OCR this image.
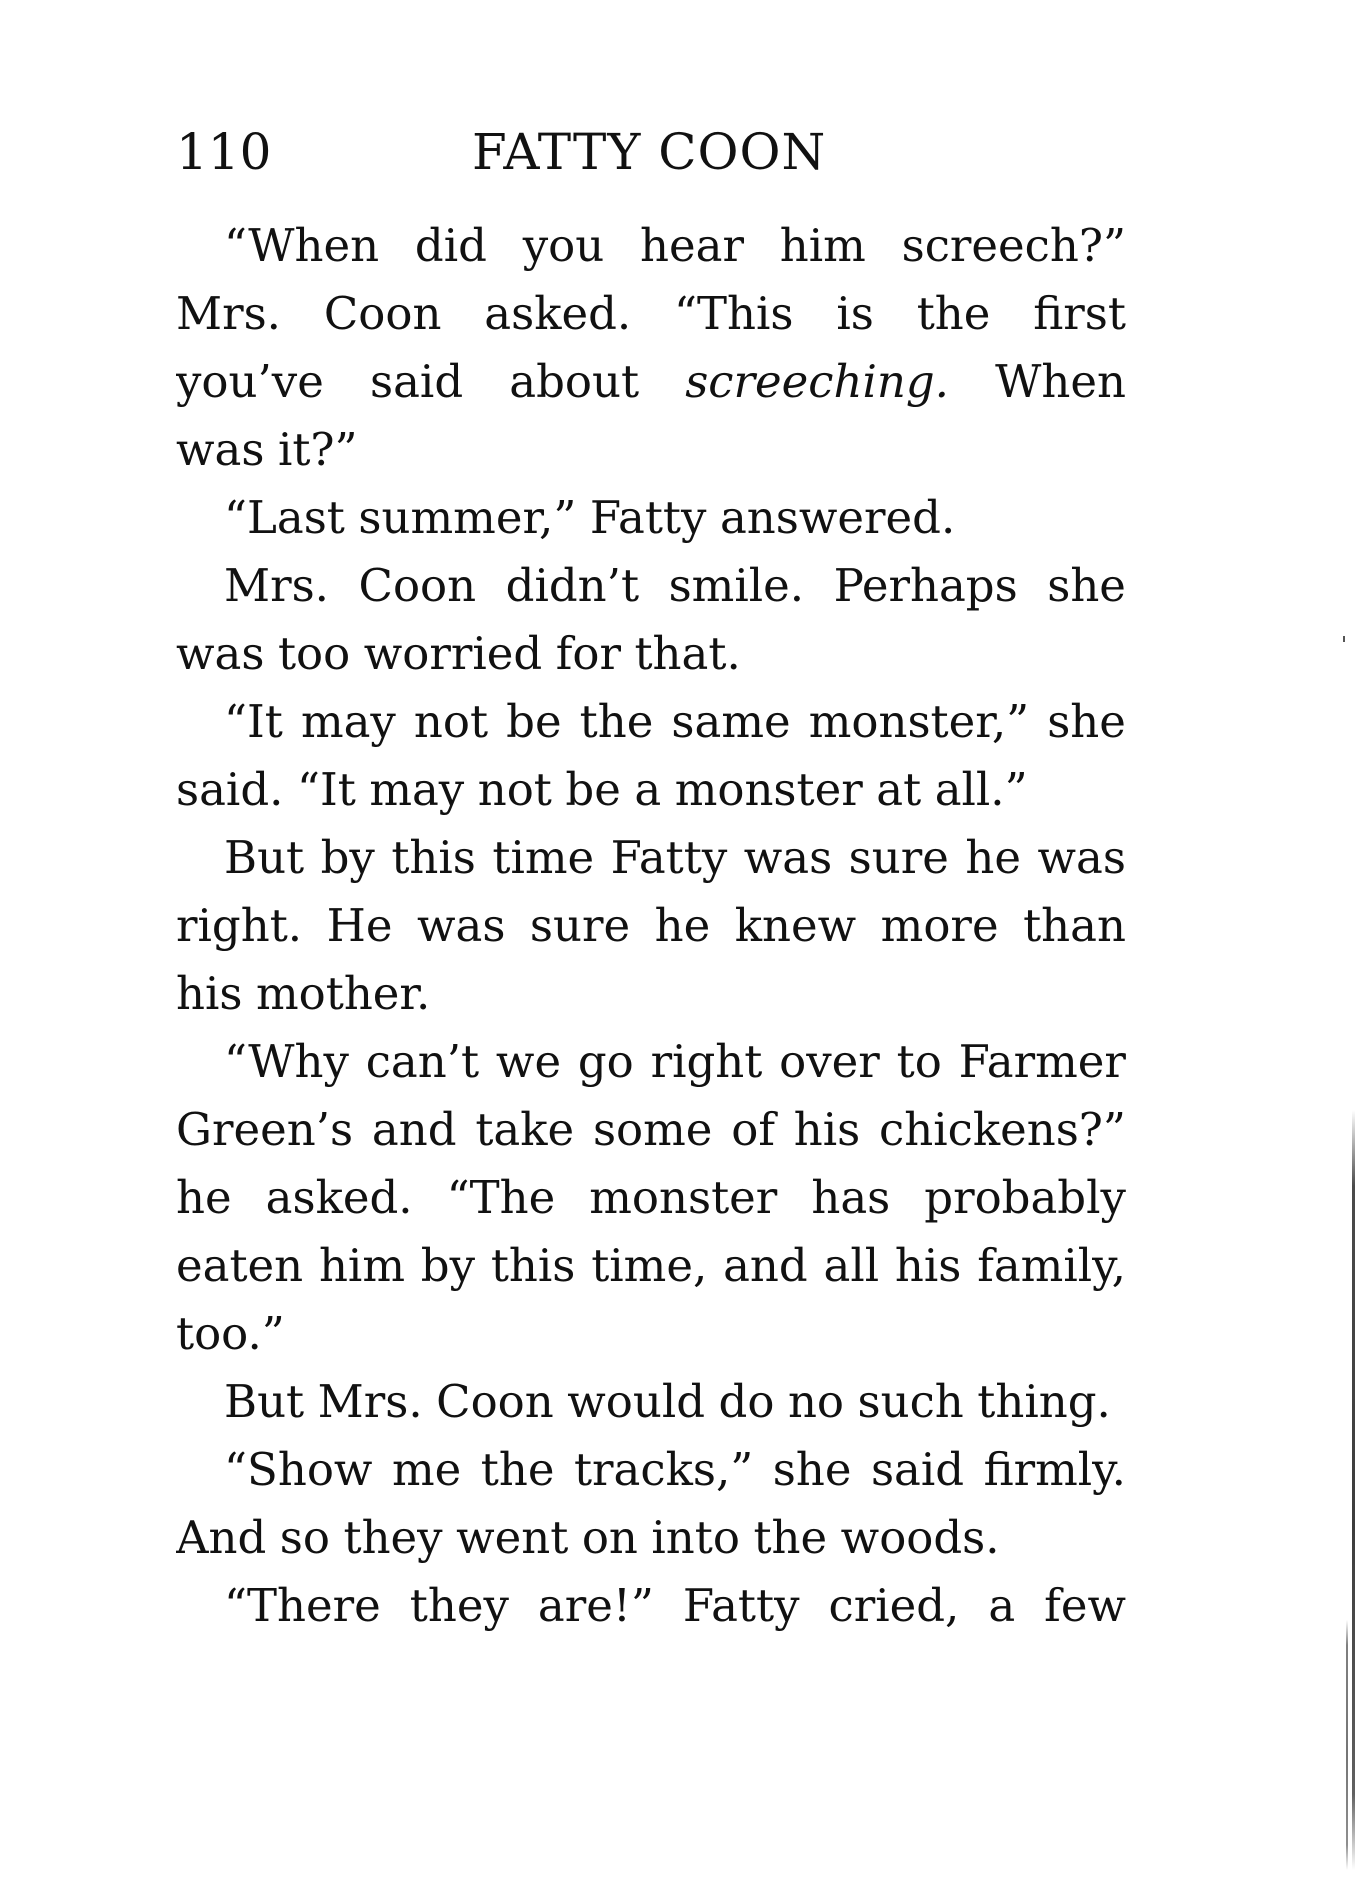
110	FATTY COON
“When did you hear him screech?”
Mrs. Coon asked. “This is the first
you’ve said about screeching. When
was it?”
“Last summer,” Fatty answered.
Mrs. Coon didn’t smile. Perhaps she
was too worried for that.
“It may not be the same monster,” she
said. “It may not be a monster at all.”
But by this time Fatty was sure he was
right. He was sure he knew more than
his mother.
“Why can’t we go right over to Farmer
Green’s and take some of his chickens?”
he asked. “The monster has probably
eaten him by this time, and all his family,
too.”
But Mrs. Coon would do no such thing.
“Show me the tracks,” she said firmly.
And so they went on into the woods.
“There they are!” Fatty cried, a few
